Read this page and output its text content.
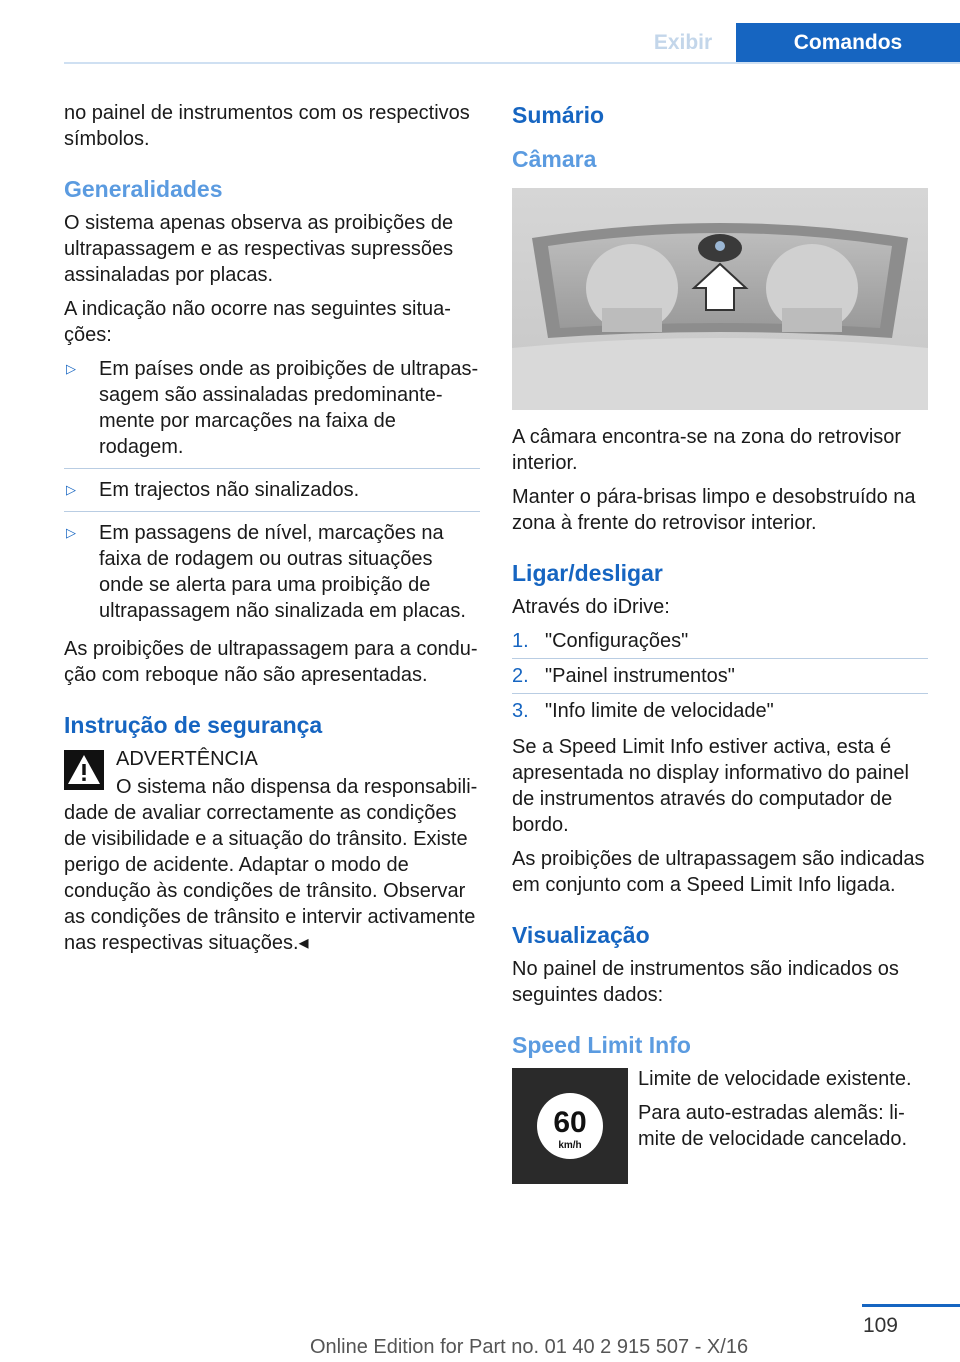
Exibir	Comandos

no painel de instrumentos com os respectivos símbolos.

Generalidades

O sistema apenas observa as proibições de ultrapassagem e as respectivas supressões assinaladas por placas.

A indicação não ocorre nas seguintes situações:

▷ Em países onde as proibições de ultrapassagem são assinaladas predominantemente por marcações na faixa de rodagem.
▷ Em trajectos não sinalizados.
▷ Em passagens de nível, marcações na faixa de rodagem ou outras situações onde se alerta para uma proibição de ultrapassagem não sinalizada em placas.

As proibições de ultrapassagem para a condução com reboque não são apresentadas.

Instrução de segurança

ADVERTÊNCIA

O sistema não dispensa da responsabilidade de avaliar correctamente as condições de visibilidade e a situação do trânsito. Existe perigo de acidente. Adaptar o modo de condução às condições de trânsito. Observar as condições de trânsito e intervir activamente nas respectivas situações.◂

Sumário
Câmara

A câmara encontra-se na zona do retrovisor interior.

Manter o pára-brisas limpo e desobstruído na zona à frente do retrovisor interior.

Ligar/desligar

Através do iDrive:

1. "Configurações"
2. "Painel instrumentos"
3. "Info limite de velocidade"

Se a Speed Limit Info estiver activa, esta é apresentada no display informativo do painel de instrumentos através do computador de bordo.

As proibições de ultrapassagem são indicadas em conjunto com a Speed Limit Info ligada.

Visualização

No painel de instrumentos são indicados os seguintes dados:

Speed Limit Info
60
km/h

Limite de velocidade existente.

Para auto-estradas alemãs: limite de velocidade cancelado.

109
Online Edition for Part no. 01 40 2 915 507 - X/16
